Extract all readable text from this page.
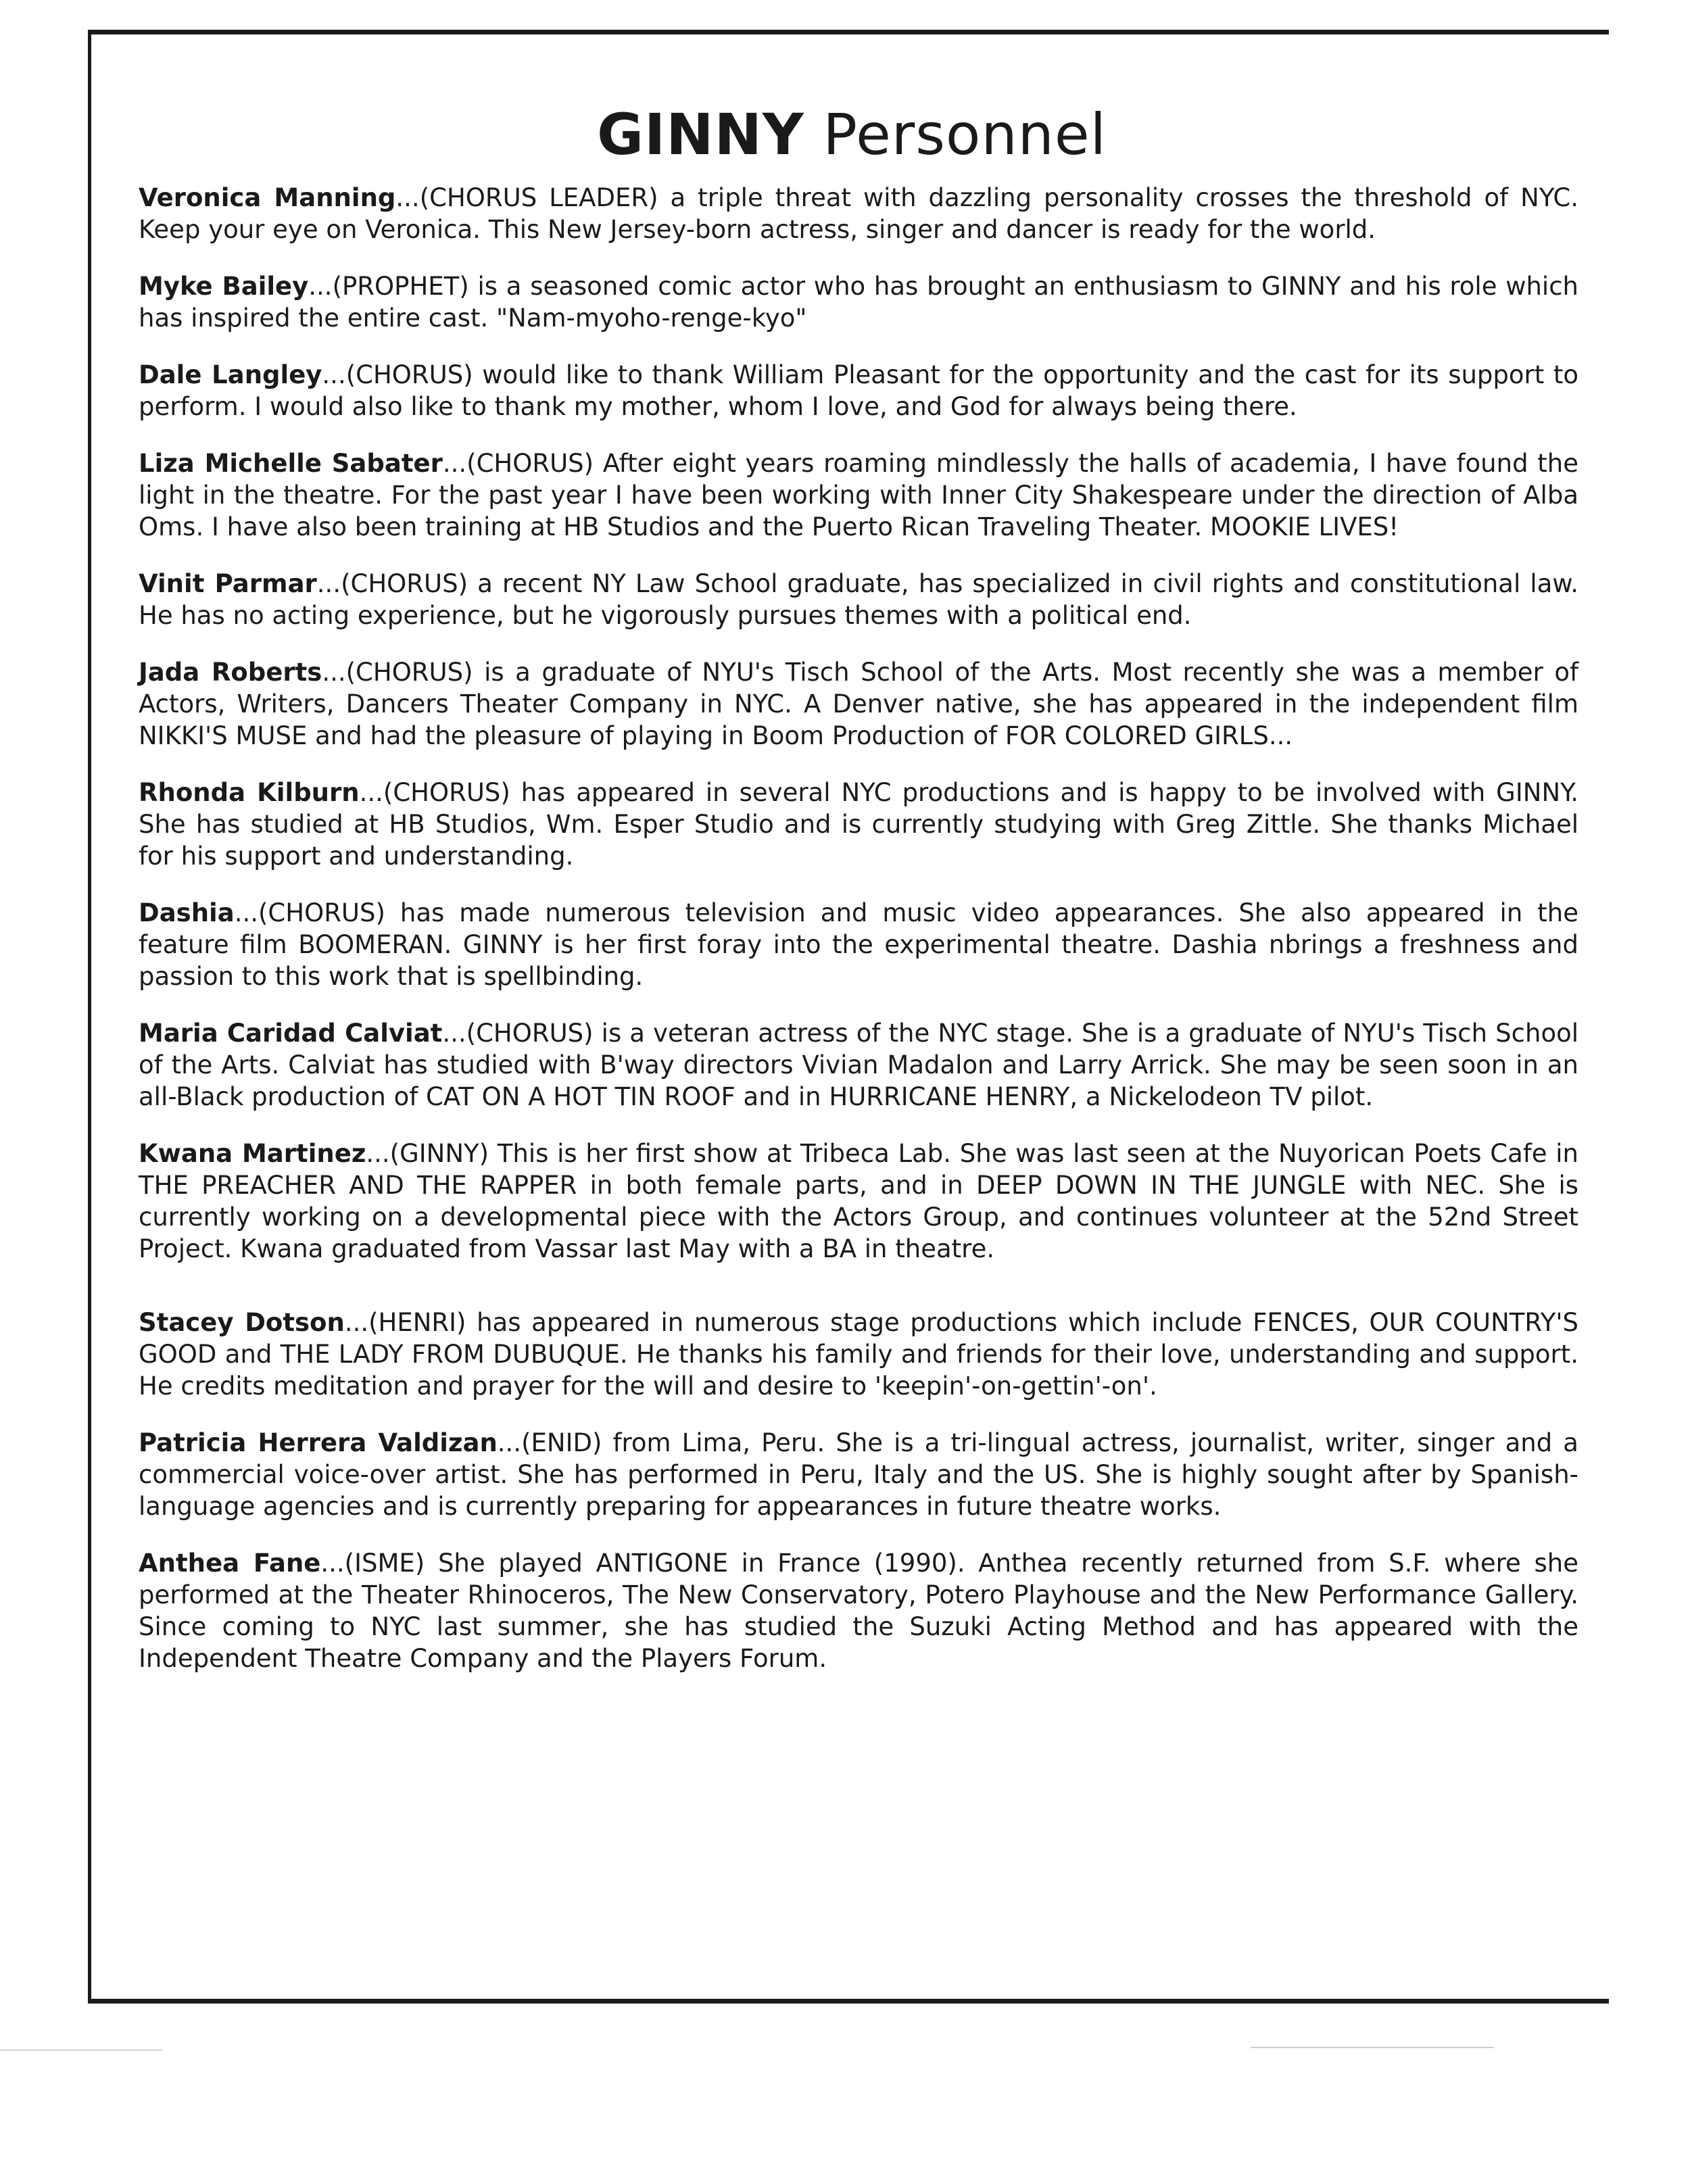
GINNY Personnel

Veronica Manning...(CHORUS LEADER) a triple threat with dazzling personality crosses the threshold of NYC. Keep your eye on Veronica. This New Jersey-born actress, singer and dancer is ready for the world.

Myke Bailey...(PROPHET) is a seasoned comic actor who has brought an enthusiasm to GINNY and his role which has inspired the entire cast. "Nam-myoho-renge-kyo"

Dale Langley...(CHORUS) would like to thank William Pleasant for the opportunity and the cast for its support to perform. I would also like to thank my mother, whom I love, and God for always being there.

Liza Michelle Sabater...(CHORUS) After eight years roaming mindlessly the halls of academia, I have found the light in the theatre. For the past year I have been working with Inner City Shakespeare under the direction of Alba Oms. I have also been training at HB Studios and the Puerto Rican Traveling Theater. MOOKIE LIVES!

Vinit Parmar...(CHORUS) a recent NY Law School graduate, has specialized in civil rights and constitutional law. He has no acting experience, but he vigorously pursues themes with a political end.

Jada Roberts...(CHORUS) is a graduate of NYU's Tisch School of the Arts. Most recently she was a member of Actors, Writers, Dancers Theater Company in NYC. A Denver native, she has appeared in the independent film NIKKI'S MUSE and had the pleasure of playing in Boom Production of FOR COLORED GIRLS...

Rhonda Kilburn...(CHORUS) has appeared in several NYC productions and is happy to be involved with GINNY. She has studied at HB Studios, Wm. Esper Studio and is currently studying with Greg Zittle. She thanks Michael for his support and understanding.

Dashia...(CHORUS) has made numerous television and music video appearances. She also appeared in the feature film BOOMERAN. GINNY is her first foray into the experimental theatre. Dashia nbrings a freshness and passion to this work that is spellbinding.

Maria Caridad Calviat...(CHORUS) is a veteran actress of the NYC stage. She is a graduate of NYU's Tisch School of the Arts. Calviat has studied with B'way directors Vivian Madalon and Larry Arrick. She may be seen soon in an all-Black production of CAT ON A HOT TIN ROOF and in HURRICANE HENRY, a Nickelodeon TV pilot.

Kwana Martinez...(GINNY) This is her first show at Tribeca Lab. She was last seen at the Nuyorican Poets Cafe in THE PREACHER AND THE RAPPER in both female parts, and in DEEP DOWN IN THE JUNGLE with NEC. She is currently working on a developmental piece with the Actors Group, and continues volunteer at the 52nd Street Project. Kwana graduated from Vassar last May with a BA in theatre.

Stacey Dotson...(HENRI) has appeared in numerous stage productions which include FENCES, OUR COUNTRY'S GOOD and THE LADY FROM DUBUQUE. He thanks his family and friends for their love, understanding and support. He credits meditation and prayer for the will and desire to 'keepin'-on-gettin'-on'.

Patricia Herrera Valdizan...(ENID) from Lima, Peru. She is a tri-lingual actress, journalist, writer, singer and a commercial voice-over artist. She has performed in Peru, Italy and the US. She is highly sought after by Spanish-language agencies and is currently preparing for appearances in future theatre works.

Anthea Fane...(ISME) She played ANTIGONE in France (1990). Anthea recently returned from S.F. where she performed at the Theater Rhinoceros, The New Conservatory, Potero Playhouse and the New Performance Gallery. Since coming to NYC last summer, she has studied the Suzuki Acting Method and has appeared with the Independent Theatre Company and the Players Forum.
